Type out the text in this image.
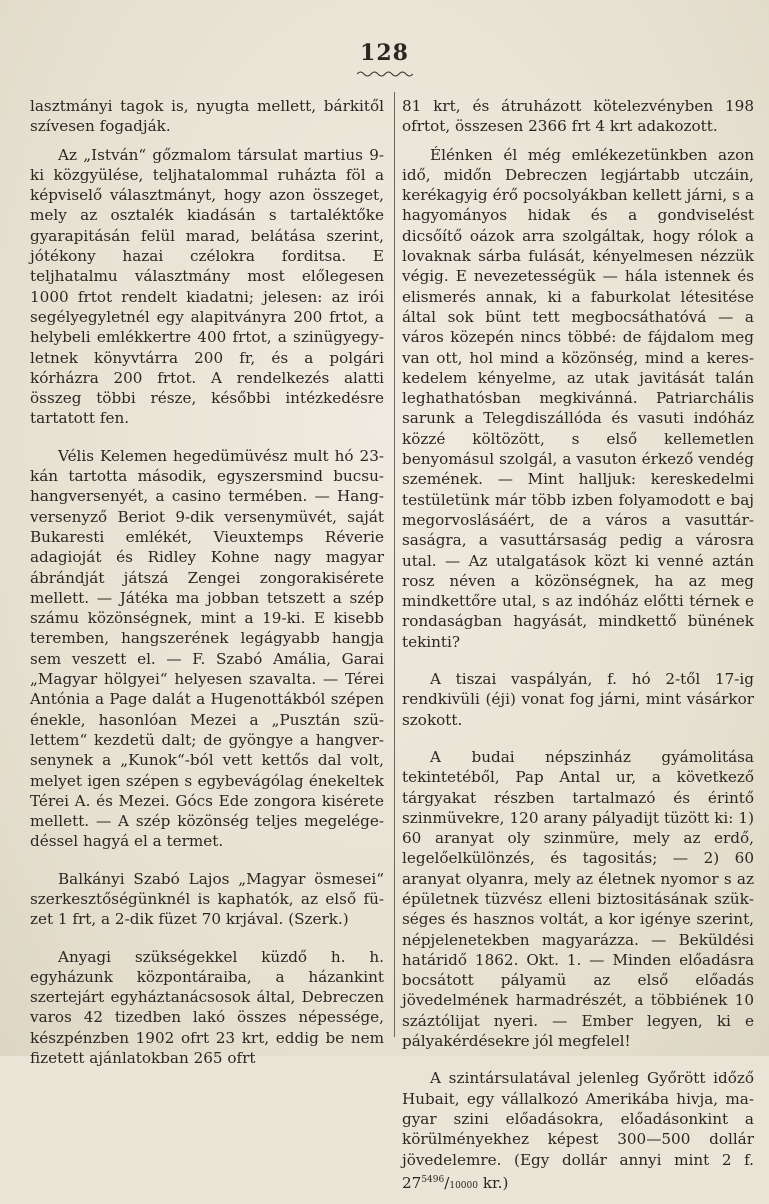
128

lasztmányi tagok is, nyugta mellett, bárkitől szívesen fogadják.

Az „István“ gőzmalom társulat martius 9-ki közgyülése, teljhatalommal ruházta föl a képviselő választmányt, hogy azon összeget, mely az osztalék kiadásán s tartaléktőke gyarapitásán felül marad, belátása szerint, jótékony hazai czélokra forditsa. E teljhatalmu választmány most előlegesen 1000 frtot rendelt kiadatni; jelesen: az irói segélyegyletnél egy alapitványra 200 frtot, a helybeli emlékkertre 400 frtot, a szinügyegyletnek könyvtárra 200 fr, és a polgári kórházra 200 frtot. A rendelkezés alatti összeg többi része, későbbi intézkedésre tartatott fen.

Vélis Kelemen hegedümüvész mult hó 23-kán tartotta második, egyszersmind bucsuhangversenyét, a casino termében. — Hangversenyző Beriot 9-dik versenymüvét, saját Bukaresti emlékét, Vieuxtemps Réverie adagioját és Ridley Kohne nagy magyar ábrándját játszá Zengei zongorakisérete mellett. — Játéka ma jobban tetszett a szép számu közönségnek, mint a 19-ki. E kisebb teremben, hangszerének legágyabb hangja sem veszett el. — F. Szabó Amália, Garai „Magyar hölgyei“ helyesen szavalta. — Térei Antónia a Page dalát a Hugenottákból szépen énekle, hasonlóan Mezei a „Pusztán születtem“ kezdetü dalt; de gyöngye a hangversenynek a „Kunok“-ból vett kettős dal volt, melyet igen szépen s egybevágólag énekeltek Térei A. és Mezei. Gócs Ede zongora kisérete mellett. — A szép közönség teljes megelégedéssel hagyá el a termet.

Balkányi Szabó Lajos „Magyar ösmesei“ szerkesztőségünknél is kaphatók, az első füzet 1 frt, a 2-dik füzet 70 krjával. (Szerk.)

Anyagi szükségekkel küzdő h. h. egyházunk központáraiba, a házankint szertejárt egyháztanácsosok által, Debreczen varos 42 tizedben lakó összes népessége, készpénzben 1902 ofrt 23 krt, eddig be nem fizetett ajánlatokban 265 ofrt

81 krt, és átruházott kötelezvényben 198 ofrtot, összesen 2366 frt 4 krt adakozott.

Élénken él még emlékezetünkben azon idő, midőn Debreczen legjártabb utczáin, kerékagyig érő pocsolyákban kellett járni, s a hagyományos hidak és a gondviselést dicsőítő oázok arra szolgáltak, hogy rólok a lovaknak sárba fulását, kényelmesen nézzük végig. E nevezetességük — hála istennek és elismerés annak, ki a faburkolat létesitése által sok bünt tett megbocsáthatóvá — a város közepén nincs többé: de fájdalom meg van ott, hol mind a közönség, mind a kereskedelem kényelme, az utak javitását talán leghathatósban megkivánná. Patriarchális sarunk a Telegdiszállóda és vasuti indóház közzé költözött, s első kellemetlen benyomásul szolgál, a vasuton érkező vendég szemének. — Mint halljuk: kereskedelmi testületünk már több izben folyamodott e baj megorvoslásáért, de a város a vasuttársaságra, a vasuttársaság pedig a városra utal. — Az utalgatások közt ki venné aztán rosz néven a közönségnek, ha az meg mindkettőre utal, s az indóház előtti térnek e rondaságban hagyását, mindkettő bünének tekinti?

A tiszai vaspályán, f. hó 2-től 17-ig rendkivüli (éji) vonat fog járni, mint vásárkor szokott.

A budai népszinház gyámolitása tekintetéből, Pap Antal ur, a következő tárgyakat részben tartalmazó és érintő szinmüvekre, 120 arany pályadijt tüzött ki: 1) 60 aranyat oly szinmüre, mely az erdő, legelőelkülönzés, és tagositás; — 2) 60 aranyat olyanra, mely az életnek nyomor s az épületnek tüzvész elleni biztositásának szükséges és hasznos voltát, a kor igénye szerint, népjelenetekben magyarázza. — Beküldési határidő 1862. Okt. 1. — Minden előadásra bocsátott pályamü az első előadás jövedelmének harmadrészét, a többiének 10 száztólijat nyeri. — Ember legyen, ki e pályakérdésekre jól megfelel!

A szintársulatával jelenleg Győrött időző Hubait, egy vállalkozó Amerikába hivja, magyar szini előadásokra, előadásonkint a körülményekhez képest 300—500 dollár jövedelemre. (Egy dollár annyi mint 2 f. $27^{5496}/10000$ kr.)
